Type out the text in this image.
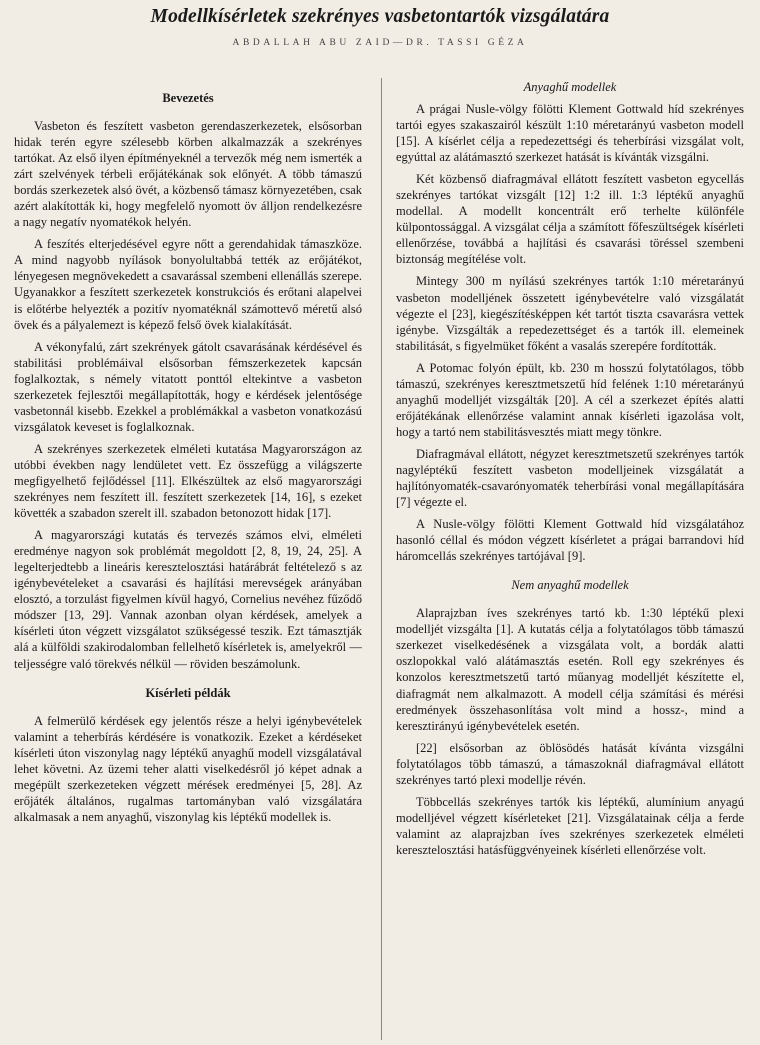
Modellkísérletek szekrényes vasbetontartók vizsgálatára
ABDALLAH ABU ZAID—DR. TASSI GÉZA
Bevezetés

Vasbeton és feszített vasbeton gerendaszerkezetek, elsősorban hidak terén egyre szélesebb körben alkalmazzák a szekrényes tartókat. Az első ilyen építményeknél a tervezők még nem ismerték a zárt szelvények térbeli erőjátékának sok előnyét. A több támaszú bordás szerkezetek alsó övét, a közbenső támasz környezetében, csak azért alakították ki, hogy megfelelő nyomott öv álljon rendelkezésre a nagy negatív nyomatékok helyén.

A feszítés elterjedésével egyre nőtt a gerendahidak támaszköze. A mind nagyobb nyílások bonyolultabbá tették az erőjátékot, lényegesen megnövekedett a csavarással szembeni ellenállás szerepe. Ugyanakkor a feszített szerkezetek konstrukciós és erőtani alapelvei is előtérbe helyezték a pozitív nyomatéknál számottevő méretű alsó övek és a pályalemezt is képező felső övek kialakítását.

A vékonyfalú, zárt szekrények gátolt csavarásának kérdésével és stabilitási problémáival elsősorban fémszerkezetek kapcsán foglalkoztak, s némely vitatott ponttól eltekintve a vasbeton szerkezetek fejlesztői megállapították, hogy e kérdések jelentősége vasbetonnál kisebb. Ezekkel a problémákkal a vasbeton vonatkozású vizsgálatok keveset is foglalkoznak.

A szekrényes szerkezetek elméleti kutatása Magyarországon az utóbbi években nagy lendületet vett. Ez összefügg a világszerte megfigyelhető fejlődéssel [11]. Elkészültek az első magyarországi szekrényes nem feszített ill. feszített szerkezetek [14, 16], s ezeket követték a szabadon szerelt ill. szabadon betonozott hidak [17].

A magyarországi kutatás és tervezés számos elvi, elméleti eredménye nagyon sok problémát megoldott [2, 8, 19, 24, 25]. A legelterjedtebb a lineáris keresztelosztási határábrát feltételező s az igénybevételeket a csavarási és hajlítási merevségek arányában elosztó, a torzulást figyelmen kívül hagyó, Cornelius nevéhez fűződő módszer [13, 29]. Vannak azonban olyan kérdések, amelyek a kísérleti úton végzett vizsgálatot szükségessé teszik. Ezt támasztják alá a külföldi szakirodalomban fellelhető kísérletek is, amelyekről — teljességre való törekvés nélkül — röviden beszámolunk.

Kísérleti példák

A felmerülő kérdések egy jelentős része a helyi igénybevételek valamint a teherbírás kérdésére is vonatkozik. Ezeket a kérdéseket kísérleti úton viszonylag nagy léptékű anyaghű modell vizsgálatával lehet követni. Az üzemi teher alatti viselkedésről jó képet adnak a megépült szerkezeteken végzett mérések eredményei [5, 28]. Az erőjáték általános, rugalmas tartományban való vizsgálatára alkalmasak a nem anyaghű, viszonylag kis léptékű modellek is.

Anyaghű modellek

A prágai Nusle-völgy fölötti Klement Gottwald híd szekrényes tartói egyes szakaszairól készült 1:10 méretarányú vasbeton modell [15]. A kísérlet célja a repedezettségi és teherbírási vizsgálat volt, egyúttal az alátámasztó szerkezet hatását is kívánták vizsgálni.

Két közbenső diafragmával ellátott feszített vasbeton egycellás szekrényes tartókat vizsgált [12] 1:2 ill. 1:3 léptékű anyaghű modellal. A modellt koncentrált erő terhelte különféle külpontossággal. A vizsgálat célja a számított főfeszültségek kísérleti ellenőrzése, továbbá a hajlítási és csavarási töréssel szembeni biztonság megítélése volt.

Mintegy 300 m nyílású szekrényes tartók 1:10 méretarányú vasbeton modelljének összetett igénybevételre való vizsgálatát végezte el [23], kiegészítésképpen két tartót tiszta csavarásra vettek igénybe. Vizsgálták a repedezettséget és a tartók ill. elemeinek stabilitását, s figyelmüket főként a vasalás szerepére fordították.

A Potomac folyón épült, kb. 230 m hosszú folytatólagos, több támaszú, szekrényes keresztmetszetű híd felének 1:10 méretarányú anyaghű modelljét vizsgálták [20]. A cél a szerkezet építés alatti erőjátékának ellenőrzése valamint annak kísérleti igazolása volt, hogy a tartó nem stabilitásvesztés miatt megy tönkre.

Diafragmával ellátott, négyzet keresztmetszetű szekrényes tartók nagyléptékű feszített vasbeton modelljeinek vizsgálatát a hajlítónyomaték-csavarónyomaték teherbírási vonal megállapítására [7] végezte el.

A Nusle-völgy fölötti Klement Gottwald híd vizsgálatához hasonló céllal és módon végzett kísérletet a prágai barrandovi híd háromcellás szekrényes tartójával [9].

Nem anyaghű modellek

Alaprajzban íves szekrényes tartó kb. 1:30 léptékű plexi modelljét vizsgálta [1]. A kutatás célja a folytatólagos több támaszú szerkezet viselkedésének a vizsgálata volt, a bordák alatti oszlopokkal való alátámasztás esetén. Roll egy szekrényes és konzolos keresztmetszetű tartó műanyag modelljét készítette el, diafragmát nem alkalmazott. A modell célja számítási és mérési eredmények összehasonlítása volt mind a hossz-, mind a keresztirányú igénybevételek esetén.

[22] elsősorban az öblösödés hatását kívánta vizsgálni folytatólagos több támaszú, a támaszoknál diafragmával ellátott szekrényes tartó plexi modellje révén.

Többcellás szekrényes tartók kis léptékű, alumínium anyagú modelljével végzett kísérleteket [21]. Vizsgálatainak célja a ferde valamint az alaprajzban íves szekrényes szerkezetek elméleti keresztelosztási hatásfüggvényeinek kísérleti ellenőrzése volt.
